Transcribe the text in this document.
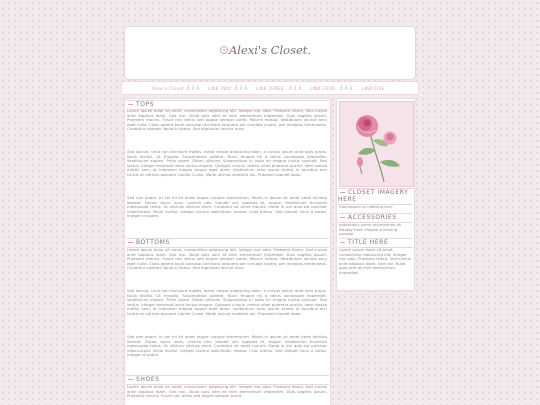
Alexi's Closet.
Alexi's Closet Å Å Å LINK TWO Å Å Å LINK THREE Å Å Å LINK FOUR Å Å Å LINK FIVE
TOPS
Lorem ipsum dolor sit amet, consectetur adipiscing elit. Integer nec odio. Praesent libero. Sed cursus ante dapibus diam. Sed nisi. Nulla quis sem at nibh elementum imperdiet. Duis sagittis ipsum. Praesent mauris. Fusce nec tellus sed augue semper porta. Mauris massa. Vestibulum lacinia arcu eget nulla. Class aptent taciti sociosqu ad litora torquent per conubia nostra, per inceptos himenaeos. Curabitur sodales ligula in libero. Sed dignissim lacinia nunc.
Sed lacinia, urna non tincidunt mattis, tortor neque adipiscing diam, a cursus ipsum ante quis turpis. Nulla facilisi. Ut fringilla. Suspendisse potenti. Nunc feugiat mi a tellus consequat imperdiet. Vestibulum sapien. Proin quam. Etiam ultrices. Suspendisse in justo eu magna luctus suscipit. Sed lectus. Integer euismod lacus luctus magna. Quisque cursus, metus vitae pharetra auctor, sem massa mattis sem, at interdum magna augue eget diam. Vestibulum ante ipsum primis in faucibus orci luctus et ultrices posuere cubilia Curae; Morbi lacinia molestie dui. Praesent blandit dolor.
Sed non quam. In vel mi sit amet augue congue elementum. Morbi in ipsum sit amet pede facilisis laoreet. Donec lacus nunc, viverra nec, blandit vel, egestas et, augue. Vestibulum tincidunt malesuada tellus. Ut ultrices ultrices enim. Curabitur sit amet mauris. Morbi in dui quis est pulvinar ullamcorper. Nulla facilisi. Integer lacinia sollicitudin massa. Cras metus. Sed aliquet risus a tortor. Integer id quam.
BOTTOMS
Lorem ipsum dolor sit amet, consectetur adipiscing elit. Integer nec odio. Praesent libero. Sed cursus ante dapibus diam. Sed nisi. Nulla quis sem at nibh elementum imperdiet. Duis sagittis ipsum. Praesent mauris. Fusce nec tellus sed augue semper porta. Mauris massa. Vestibulum lacinia arcu eget nulla. Class aptent taciti sociosqu ad litora torquent per conubia nostra, per inceptos himenaeos. Curabitur sodales ligula in libero. Sed dignissim lacinia nunc.
Sed lacinia, urna non tincidunt mattis, tortor neque adipiscing diam, a cursus ipsum ante quis turpis. Nulla facilisi. Ut fringilla. Suspendisse potenti. Nunc feugiat mi a tellus consequat imperdiet. Vestibulum sapien. Proin quam. Etiam ultrices. Suspendisse in justo eu magna luctus suscipit. Sed lectus. Integer euismod lacus luctus magna. Quisque cursus, metus vitae pharetra auctor, sem massa mattis sem, at interdum magna augue eget diam. Vestibulum ante ipsum primis in faucibus orci luctus et ultrices posuere cubilia Curae; Morbi lacinia molestie dui. Praesent blandit dolor.
Sed non quam. In vel mi sit amet augue congue elementum. Morbi in ipsum sit amet pede facilisis laoreet. Donec lacus nunc, viverra nec, blandit vel, egestas et, augue. Vestibulum tincidunt malesuada tellus. Ut ultrices ultrices enim. Curabitur sit amet mauris. Morbi in dui quis est pulvinar ullamcorper. Nulla facilisi. Integer lacinia sollicitudin massa. Cras metus. Sed aliquet risus a tortor. Integer id quam.
SHOES
Lorem ipsum dolor sit amet, consectetur adipiscing elit. Integer nec odio. Praesent libero. Sed cursus ante dapibus diam. Sed nisi. Nulla quis sem at nibh elementum imperdiet. Duis sagittis ipsum. Praesent mauris. Fusce nec tellus sed augue semper porta.
CLOSET IMAGERY HERE
mannequin or clothing rack
ACCESSORIES
potentially some accessories on display here. Maybe a leaving parasol.
TITLE HERE
Lorem ipsum dolor sit amet, consectetur adipiscing elit. Integer nec odio. Praesent libero. Sed cursus ante dapibus diam. Sed nisi. Nulla quis sem at nibh elementum imperdiet.
